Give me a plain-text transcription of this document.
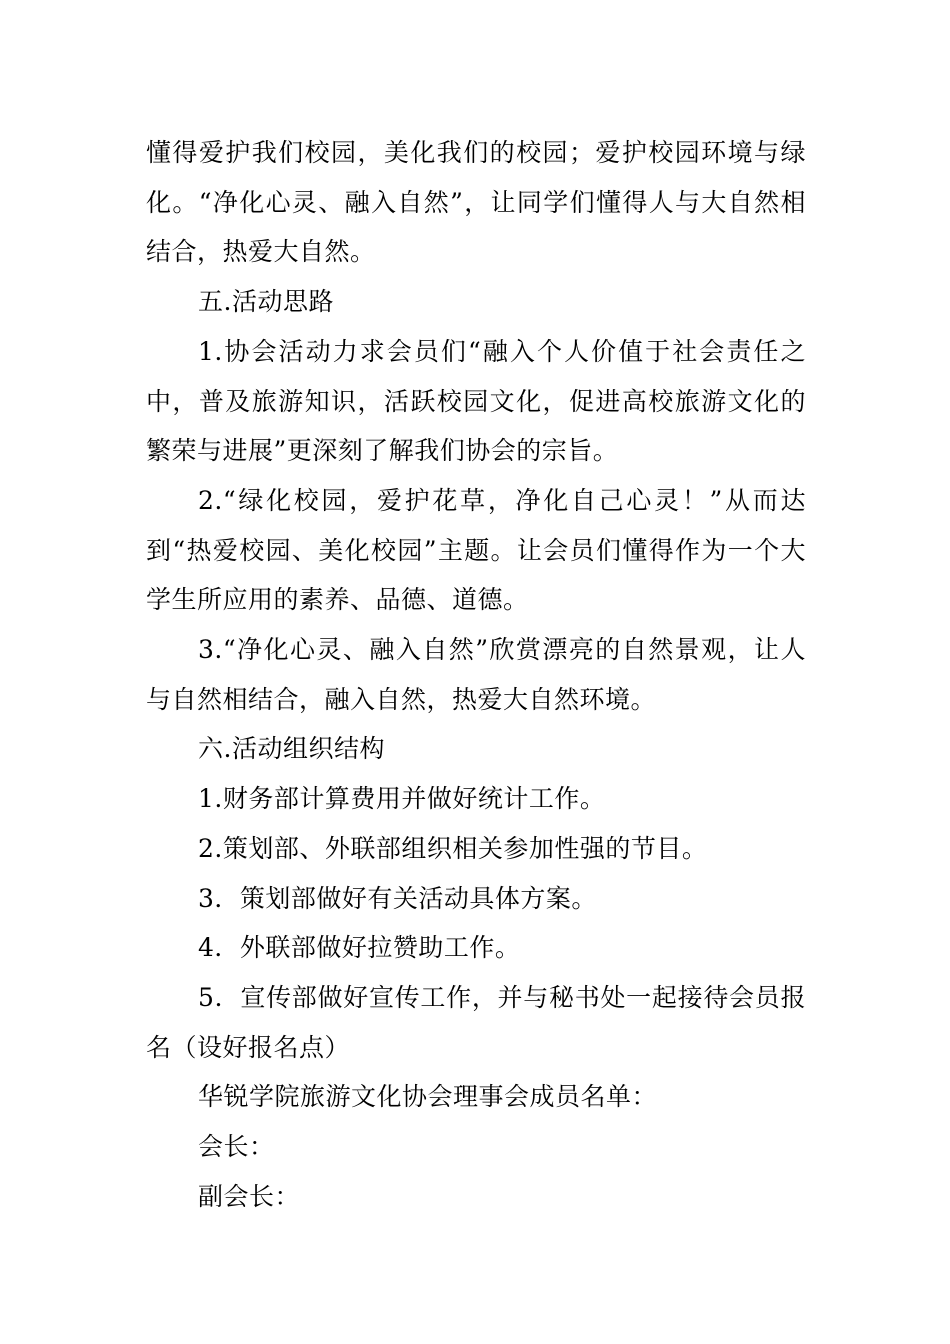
懂得爱护我们校园，美化我们的校园；爱护校园环境与绿化。“净化心灵、融入自然”，让同学们懂得人与大自然相结合，热爱大自然。

五.活动思路

1.协会活动力求会员们“融入个人价值于社会责任之中，普及旅游知识，活跃校园文化，促进高校旅游文化的繁荣与进展”更深刻了解我们协会的宗旨。

2.“绿化校园，爱护花草，净化自己心灵！”从而达到“热爱校园、美化校园”主题。让会员们懂得作为一个大学生所应用的素养、品德、道德。

3.“净化心灵、融入自然”欣赏漂亮的自然景观，让人与自然相结合，融入自然，热爱大自然环境。

六.活动组织结构

1.财务部计算费用并做好统计工作。

2.策划部、外联部组织相关参加性强的节目。

3．策划部做好有关活动具体方案。

4．外联部做好拉赞助工作。

5．宣传部做好宣传工作，并与秘书处一起接待会员报名（设好报名点）

华锐学院旅游文化协会理事会成员名单：

会长：

副会长：
